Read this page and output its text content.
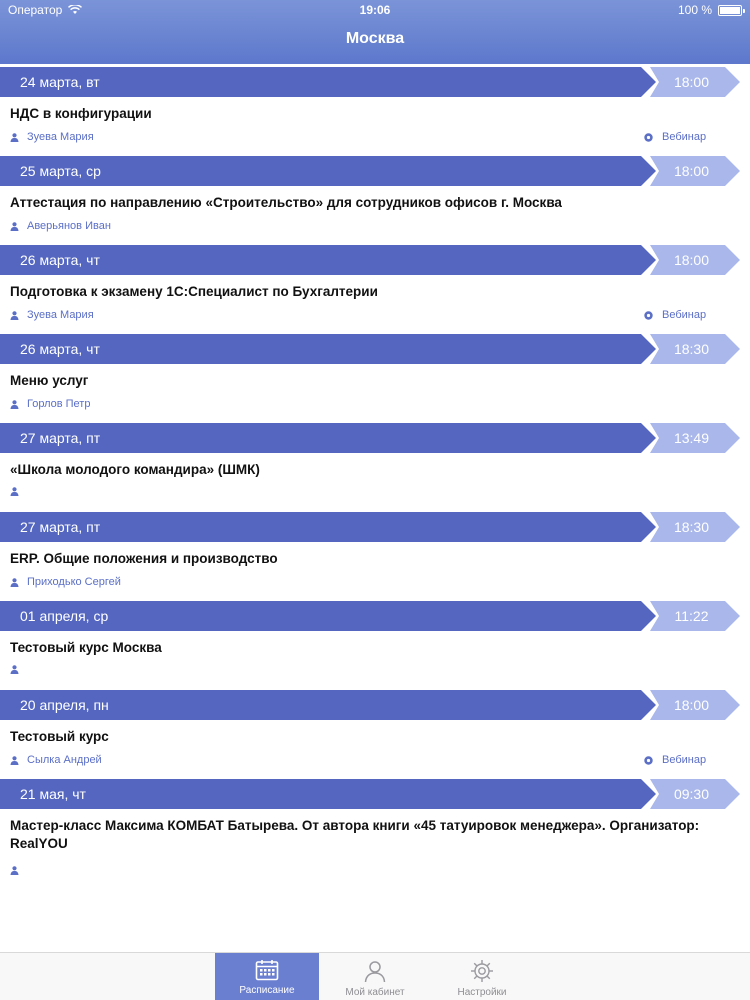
Оператор	19:06	100 %
Москва
24 марта, вт	18:00
НДС в конфигурации
Зуева Мария	Вебинар
25 марта, ср	18:00
Аттестация по направлению «Строительство» для сотрудников офисов г. Москва
Аверьянов Иван
26 марта, чт	18:00
Подготовка к экзамену 1С:Специалист по Бухгалтерии
Зуева Мария	Вебинар
26 марта, чт	18:30
Меню услуг
Горлов Петр
27 марта, пт	13:49
«Школа молодого командира» (ШМК)
27 марта, пт	18:30
ERP. Общие положения и производство
Приходько Сергей
01 апреля, ср	11:22
Тестовый курс Москва
20 апреля, пн	18:00
Тестовый курс
Сылка Андрей	Вебинар
21 мая, чт	09:30
Мастер-класс Максима КОМБАТ Батырева. От автора книги «45 татуировок менеджера». Организатор: RealYOU
Расписание	Мой кабинет	Настройки
